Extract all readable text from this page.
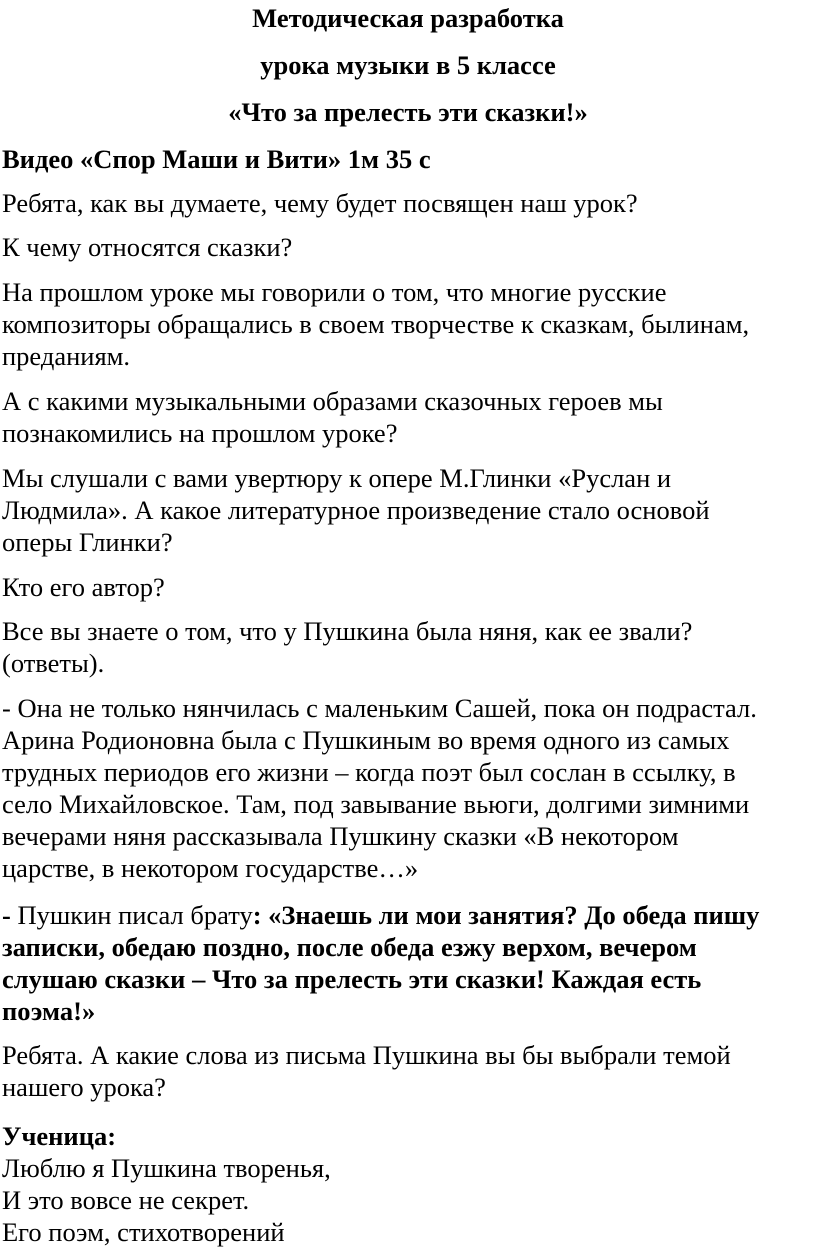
Методическая разработка

урока музыки в 5 классе

«Что за прелесть эти сказки!»

Видео «Спор Маши и Вити» 1м 35 с

Ребята, как вы думаете, чему будет посвящен наш урок?

К чему относятся сказки?

На прошлом уроке мы говорили о том, что многие русские
композиторы обращались в своем творчестве к сказкам, былинам,
преданиям.
А с какими музыкальными образами сказочных героев мы
познакомились на прошлом уроке?
Мы слушали с вами увертюру к опере М.Глинки «Руслан и
Людмила». А какое литературное произведение стало основой
оперы Глинки?

Кто его автор?

Все вы знаете о том, что у Пушкина была няня, как ее звали?
(ответы).
- Она не только нянчилась с маленьким Сашей, пока он подрастал.
Арина Родионовна была с Пушкиным во время одного из самых
трудных периодов его жизни – когда поэт был сослан в ссылку, в
село Михайловское. Там, под завывание вьюги, долгими зимними
вечерами няня рассказывала Пушкину сказки «В некотором
царстве, в некотором государстве…»
- Пушкин писал брату: «Знаешь ли мои занятия? До обеда пишу
записки, обедаю поздно, после обеда езжу верхом, вечером
слушаю сказки – Что за прелесть эти сказки! Каждая есть
поэма!»
Ребята. А какие слова из письма Пушкина вы бы выбрали темой
нашего урока?

Ученица:

Люблю я Пушкина творенья,
И это вовсе не секрет.
Его поэм, стихотворений
